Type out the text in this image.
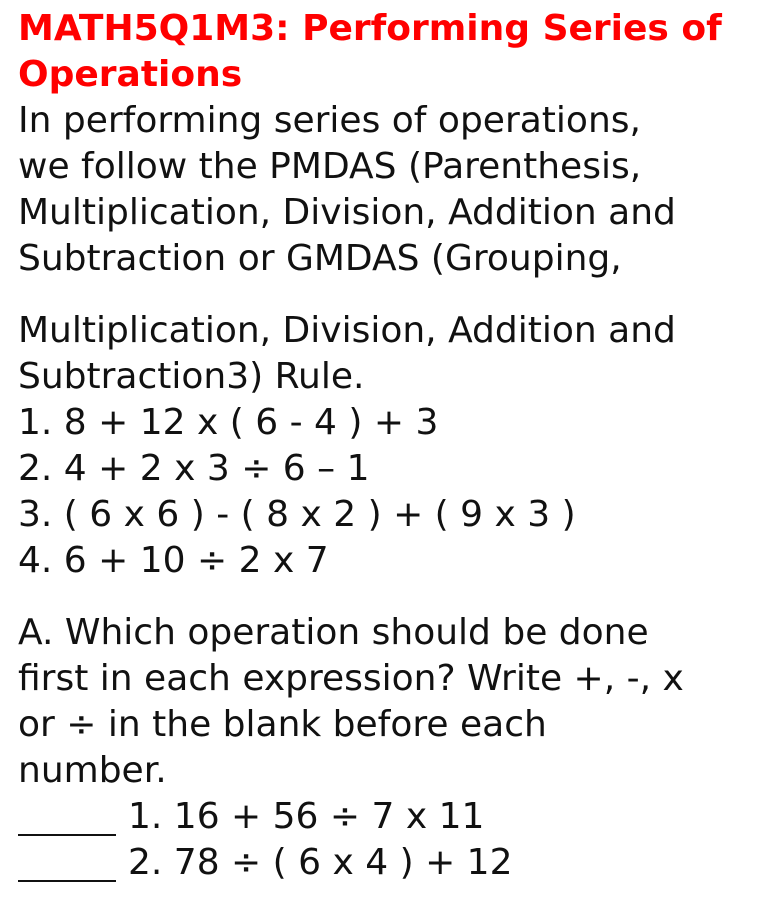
MATH5Q1M3: Performing Series of Operations
In performing series of operations,
we follow the PMDAS (Parenthesis,
Multiplication, Division, Addition and
Subtraction or GMDAS (Grouping,
Multiplication, Division, Addition and
Subtraction3) Rule.
1. 8 + 12 x ( 6 - 4 ) + 3
2. 4 + 2 x 3 ÷ 6 – 1
3. ( 6 x 6 ) - ( 8 x 2 ) + ( 9 x 3 )
4. 6 + 10 ÷ 2 x 7
A. Which operation should be done
first in each expression? Write +, -, x
or ÷ in the blank before each
number.
1. 16 + 56 ÷ 7 x 11
2. 78 ÷ ( 6 x 4 ) + 12
